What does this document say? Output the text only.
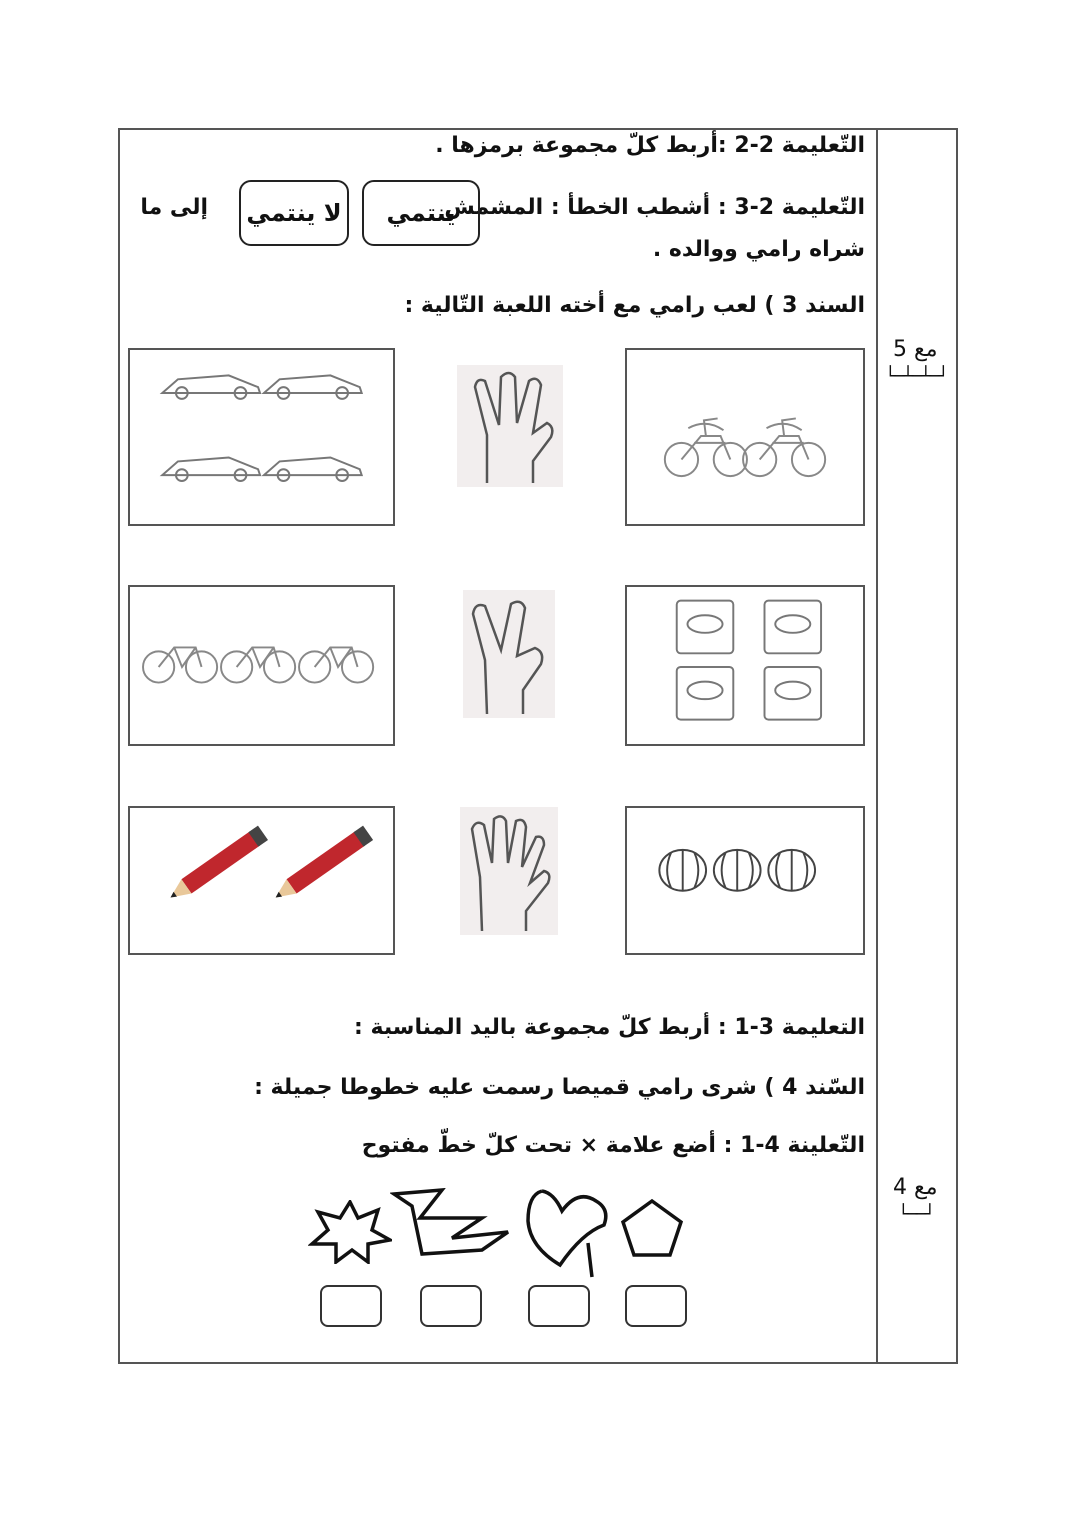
التّعليمة 2-2 :أربط كلّ مجموعة برمزها .
التّعليمة 2-3 : أشطب الخطأ : المشمش
ينتمي
لا ينتمي
إلى ما
شراه رامي ووالده .
السند 3 ) لعب رامي مع أخته اللعبة التّالية :
مع 5
└─┴─┴─┘
التعليمة 3-1 : أربط كلّ مجموعة باليد المناسبة :
السّند 4 ) شرى رامي قميصا رسمت عليه خطوطا جميلة :
التّعلينة 4-1 : أضع علامة × تحت كلّ خطّ مفتوح
مع 4
└──┘
